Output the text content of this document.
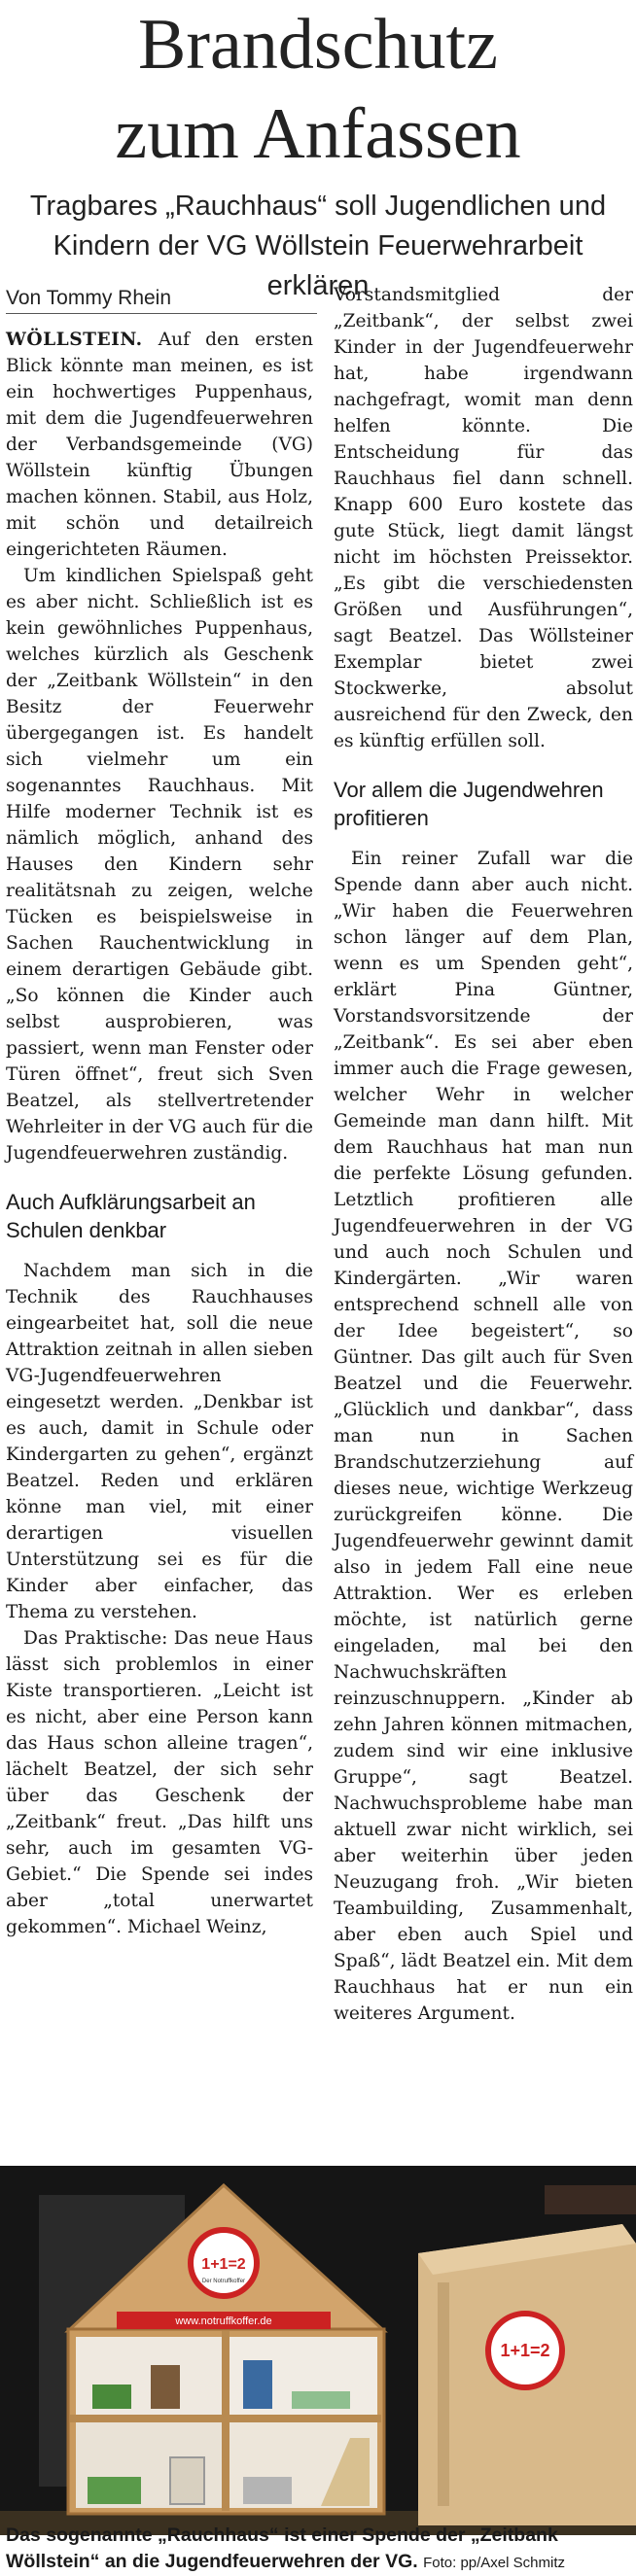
Brandschutz
zum Anfassen
Tragbares „Rauchhaus“ soll Jugendlichen und
Kindern der VG Wöllstein Feuerwehrarbeit erklären
Von Tommy Rhein

WÖLLSTEIN. Auf den ersten Blick könnte man meinen, es ist ein hochwertiges Puppenhaus, mit dem die Jugendfeuerwehren der Verbandsgemeinde (VG) Wöllstein künftig Übungen machen können. Stabil, aus Holz, mit schön und detailreich eingerichteten Räumen.

Um kindlichen Spielspaß geht es aber nicht. Schließlich ist es kein gewöhnliches Puppenhaus, welches kürzlich als Geschenk der „Zeitbank Wöllstein“ in den Besitz der Feuerwehr übergegangen ist. Es handelt sich vielmehr um ein sogenanntes Rauchhaus. Mit Hilfe moderner Technik ist es nämlich möglich, anhand des Hauses den Kindern sehr realitätsnah zu zeigen, welche Tücken es beispielsweise in Sachen Rauchentwicklung in einem derartigen Gebäude gibt. „So können die Kinder auch selbst ausprobieren, was passiert, wenn man Fenster oder Türen öffnet“, freut sich Sven Beatzel, als stellvertretender Wehrleiter in der VG auch für die Jugendfeuerwehren zuständig.

Auch Aufklärungsarbeit an Schulen denkbar

Nachdem man sich in die Technik des Rauchhauses eingearbeitet hat, soll die neue Attraktion zeitnah in allen sieben VG-Jugendfeuerwehren eingesetzt werden. „Denkbar ist es auch, damit in Schule oder Kindergarten zu gehen“, ergänzt Beatzel. Reden und erklären könne man viel, mit einer derartigen visuellen Unterstützung sei es für die Kinder aber einfacher, das Thema zu verstehen.

Das Praktische: Das neue Haus lässt sich problemlos in einer Kiste transportieren. „Leicht ist es nicht, aber eine Person kann das Haus schon alleine tragen“, lächelt Beatzel, der sich sehr über das Geschenk der „Zeitbank“ freut. „Das hilft uns sehr, auch im gesamten VG-Gebiet.“ Die Spende sei indes aber „total unerwartet gekommen“. Michael Weinz,

Vorstandsmitglied der „Zeitbank“, der selbst zwei Kinder in der Jugendfeuerwehr hat, habe irgendwann nachgefragt, womit man denn helfen könnte. Die Entscheidung für das Rauchhaus fiel dann schnell. Knapp 600 Euro kostete das gute Stück, liegt damit längst nicht im höchsten Preissektor. „Es gibt die verschiedensten Größen und Ausführungen“, sagt Beatzel. Das Wöllsteiner Exemplar bietet zwei Stockwerke, absolut ausreichend für den Zweck, den es künftig erfüllen soll.

Vor allem die Jugendwehren profitieren

Ein reiner Zufall war die Spende dann aber auch nicht. „Wir haben die Feuerwehren schon länger auf dem Plan, wenn es um Spenden geht“, erklärt Pina Güntner, Vorstandsvorsitzende der „Zeitbank“. Es sei aber eben immer auch die Frage gewesen, welcher Wehr in welcher Gemeinde man dann hilft. Mit dem Rauchhaus hat man nun die perfekte Lösung gefunden. Letztlich profitieren alle Jugendfeuerwehren in der VG und auch noch Schulen und Kindergärten. „Wir waren entsprechend schnell alle von der Idee begeistert“, so Güntner. Das gilt auch für Sven Beatzel und die Feuerwehr. „Glücklich und dankbar“, dass man nun in Sachen Brandschutzerziehung auf dieses neue, wichtige Werkzeug zurückgreifen könne. Die Jugendfeuerwehr gewinnt damit also in jedem Fall eine neue Attraktion. Wer es erleben möchte, ist natürlich gerne eingeladen, mal bei den Nachwuchskräften reinzuschnuppern. „Kinder ab zehn Jahren können mitmachen, zudem sind wir eine inklusive Gruppe“, sagt Beatzel. Nachwuchsprobleme habe man aktuell zwar nicht wirklich, sei aber weiterhin über jeden Neuzugang froh. „Wir bieten Teambuilding, Zusammenhalt, aber eben auch Spiel und Spaß“, lädt Beatzel ein. Mit dem Rauchhaus hat er nun ein weiteres Argument.

1+1=2
www.notruffkoffer.de
1+1=2
Der Notruffkoffer
Das sogenannte „Rauchhaus“ ist einer Spende der „Zeitbank Wöllstein“ an die Jugendfeuerwehren der VG. Foto: pp/Axel Schmitz
